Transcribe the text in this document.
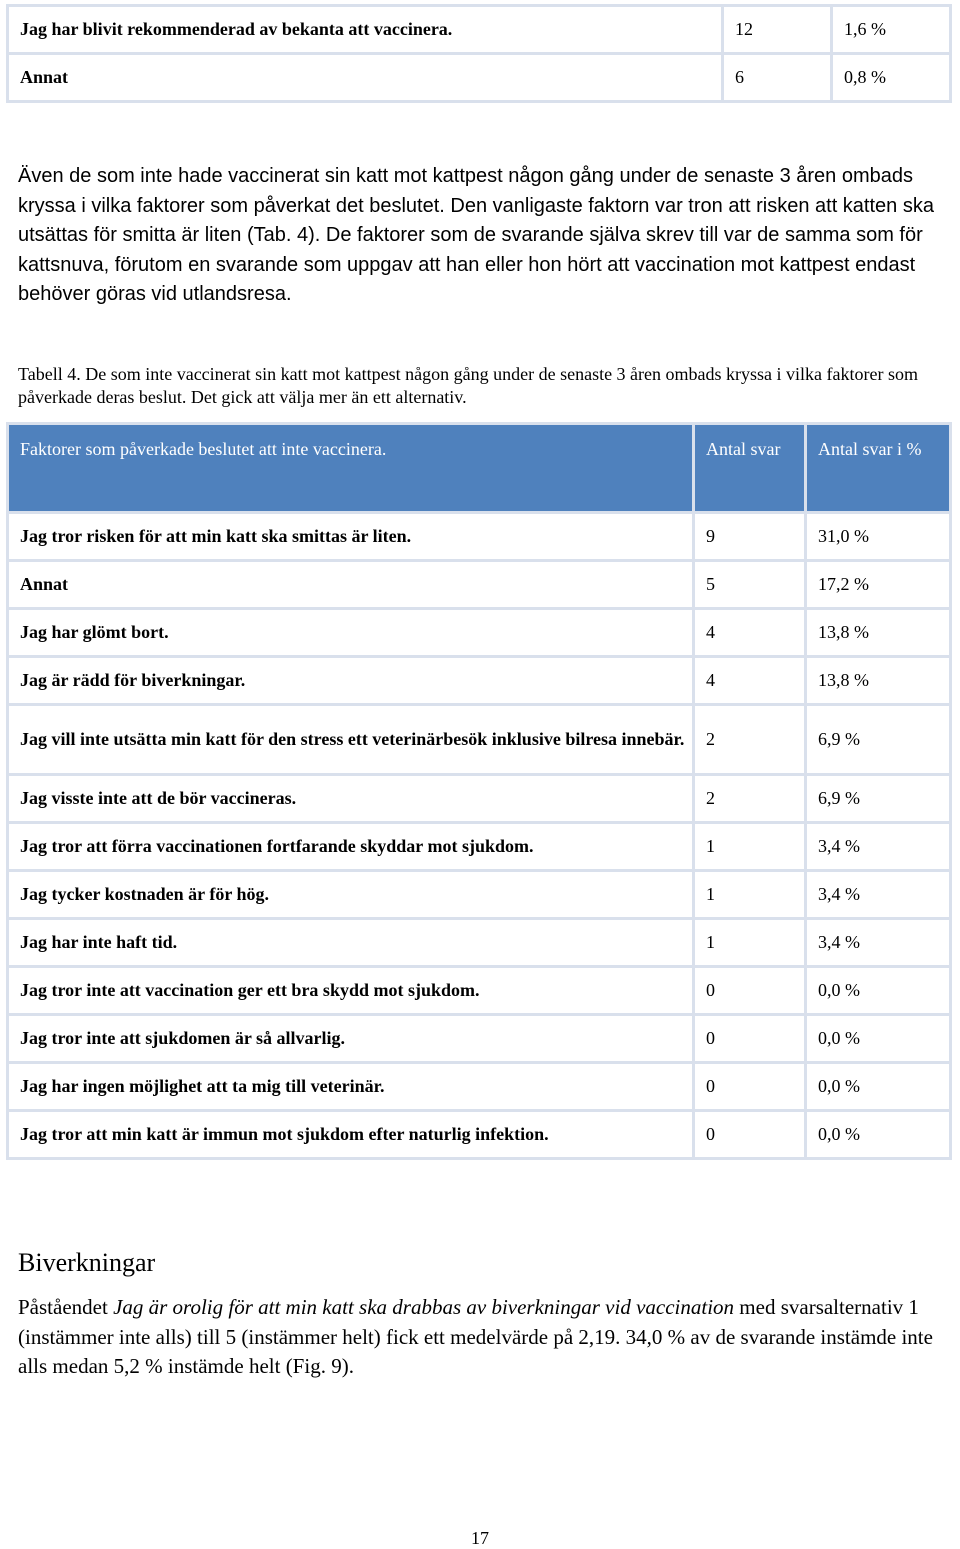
Jag har blivit rekommenderad av bekanta att vaccinera.	12	1,6 %
Annat	6	0,8 %

Även de som inte hade vaccinerat sin katt mot kattpest någon gång under de senaste 3 åren ombads kryssa i vilka faktorer som påverkat det beslutet. Den vanligaste faktorn var tron att risken att katten ska utsättas för smitta är liten (Tab. 4). De faktorer som de svarande själva skrev till var de samma som för kattsnuva, förutom en svarande som uppgav att han eller hon hört att vaccination mot kattpest endast behöver göras vid utlandsresa.

Tabell 4. De som inte vaccinerat sin katt mot kattpest någon gång under de senaste 3 åren ombads kryssa i vilka faktorer som påverkade deras beslut. Det gick att välja mer än ett alternativ.

Faktorer som påverkade beslutet att inte vaccinera.	Antal svar	Antal svar i %
Jag tror risken för att min katt ska smittas är liten.	9	31,0 %
Annat	5	17,2 %
Jag har glömt bort.	4	13,8 %
Jag är rädd för biverkningar.	4	13,8 %
Jag vill inte utsätta min katt för den stress ett veterinärbesök inklusive bilresa innebär.	2	6,9 %
Jag visste inte att de bör vaccineras.	2	6,9 %
Jag tror att förra vaccinationen fortfarande skyddar mot sjukdom.	1	3,4 %
Jag tycker kostnaden är för hög.	1	3,4 %
Jag har inte haft tid.	1	3,4 %
Jag tror inte att vaccination ger ett bra skydd mot sjukdom.	0	0,0 %
Jag tror inte att sjukdomen är så allvarlig.	0	0,0 %
Jag har ingen möjlighet att ta mig till veterinär.	0	0,0 %
Jag tror att min katt är immun mot sjukdom efter naturlig infektion.	0	0,0 %
Biverkningar

Påståendet Jag är orolig för att min katt ska drabbas av biverkningar vid vaccination med svarsalternativ 1 (instämmer inte alls) till 5 (instämmer helt) fick ett medelvärde på 2,19. 34,0 % av de svarande instämde inte alls medan 5,2 % instämde helt (Fig. 9).

17
